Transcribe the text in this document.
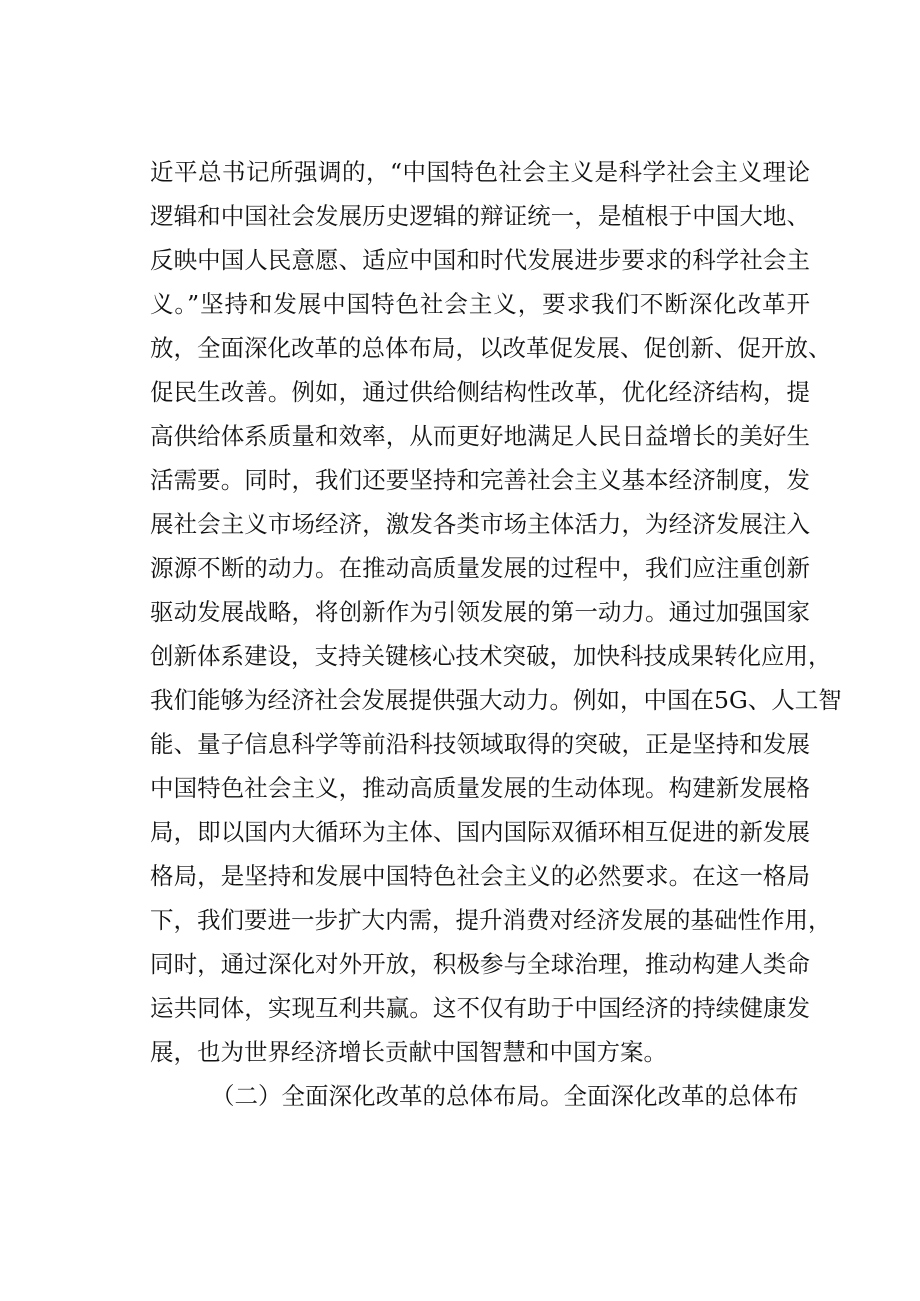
近平总书记所强调的，“中国特色社会主义是科学社会主义理论
逻辑和中国社会发展历史逻辑的辩证统一，是植根于中国大地、
反映中国人民意愿、适应中国和时代发展进步要求的科学社会主
义。”坚持和发展中国特色社会主义，要求我们不断深化改革开
放，全面深化改革的总体布局，以改革促发展、促创新、促开放、
促民生改善。例如，通过供给侧结构性改革，优化经济结构，提
高供给体系质量和效率，从而更好地满足人民日益增长的美好生
活需要。同时，我们还要坚持和完善社会主义基本经济制度，发
展社会主义市场经济，激发各类市场主体活力，为经济发展注入
源源不断的动力。在推动高质量发展的过程中，我们应注重创新
驱动发展战略，将创新作为引领发展的第一动力。通过加强国家
创新体系建设，支持关键核心技术突破，加快科技成果转化应用，
我们能够为经济社会发展提供强大动力。例如，中国在5G、人工智
能、量子信息科学等前沿科技领域取得的突破，正是坚持和发展
中国特色社会主义，推动高质量发展的生动体现。构建新发展格
局，即以国内大循环为主体、国内国际双循环相互促进的新发展
格局，是坚持和发展中国特色社会主义的必然要求。在这一格局
下，我们要进一步扩大内需，提升消费对经济发展的基础性作用，
同时，通过深化对外开放，积极参与全球治理，推动构建人类命
运共同体，实现互利共赢。这不仅有助于中国经济的持续健康发
展，也为世界经济增长贡献中国智慧和中国方案。
（二）全面深化改革的总体布局。全面深化改革的总体布
